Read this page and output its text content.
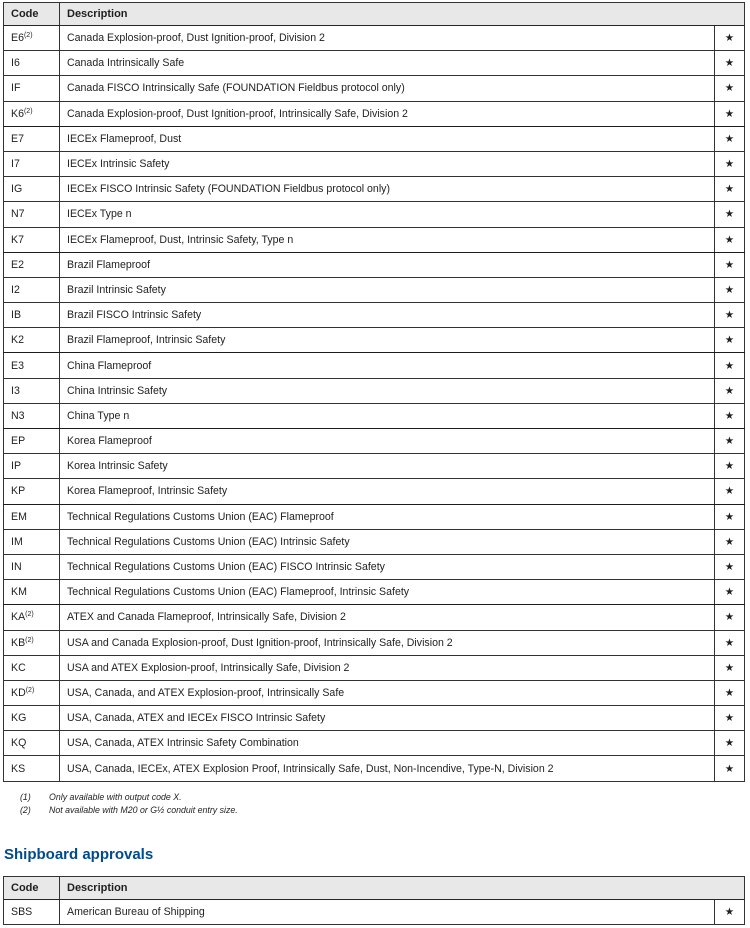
Code	Description	
E6$^{(2)}$	Canada Explosion-proof, Dust Ignition-proof, Division 2	★
I6	Canada Intrinsically Safe	★
IF	Canada FISCO Intrinsically Safe (FOUNDATION Fieldbus protocol only)	★
K6$^{(2)}$	Canada Explosion-proof, Dust Ignition-proof, Intrinsically Safe, Division 2	★
E7	IECEx Flameproof, Dust	★
I7	IECEx Intrinsic Safety	★
IG	IECEx FISCO Intrinsic Safety (FOUNDATION Fieldbus protocol only)	★
N7	IECEx Type n	★
K7	IECEx Flameproof, Dust, Intrinsic Safety, Type n	★
E2	Brazil Flameproof	★
I2	Brazil Intrinsic Safety	★
IB	Brazil FISCO Intrinsic Safety	★
K2	Brazil Flameproof, Intrinsic Safety	★
E3	China Flameproof	★
I3	China Intrinsic Safety	★
N3	China Type n	★
EP	Korea Flameproof	★
IP	Korea Intrinsic Safety	★
KP	Korea Flameproof, Intrinsic Safety	★
EM	Technical Regulations Customs Union (EAC) Flameproof	★
IM	Technical Regulations Customs Union (EAC) Intrinsic Safety	★
IN	Technical Regulations Customs Union (EAC) FISCO Intrinsic Safety	★
KM	Technical Regulations Customs Union (EAC) Flameproof, Intrinsic Safety	★
KA$^{(2)}$	ATEX and Canada Flameproof, Intrinsically Safe, Division 2	★
KB$^{(2)}$	USA and Canada Explosion-proof, Dust Ignition-proof, Intrinsically Safe, Division 2	★
KC	USA and ATEX Explosion-proof, Intrinsically Safe, Division 2	★
KD$^{(2)}$	USA, Canada, and ATEX Explosion-proof, Intrinsically Safe	★
KG	USA, Canada, ATEX and IECEx FISCO Intrinsic Safety	★
KQ	USA, Canada, ATEX Intrinsic Safety Combination	★
KS	USA, Canada, IECEx, ATEX Explosion Proof, Intrinsically Safe, Dust, Non-Incendive, Type-N, Division 2	★
(1)	Only available with output code X.
(2)	Not available with M20 or G½ conduit entry size.
Shipboard approvals
Code	Description	
SBS	American Bureau of Shipping	★
